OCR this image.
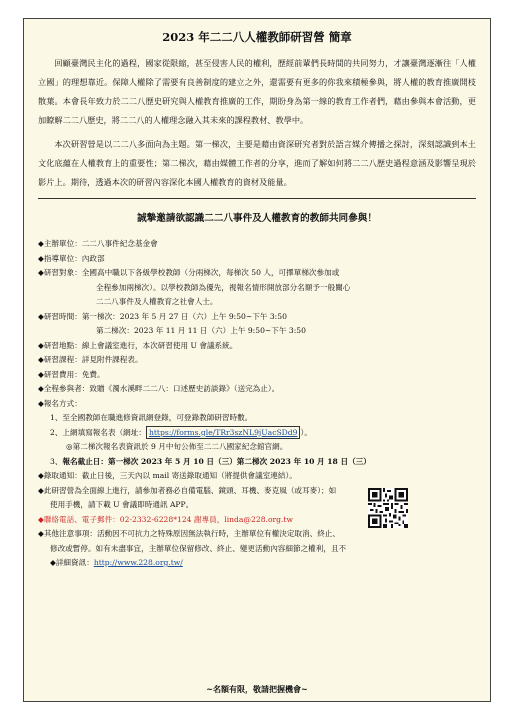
2023 年二二八人權教師研習營 簡章

回顧臺灣民主化的過程，國家從限縮，甚至侵害人民的權利，歷經前輩們長時間的共同努力，才讓臺灣逐漸往「人權立國」的理想靠近。保障人權除了需要有良善制度的建立之外，還需要有更多的你我來積極參與，將人權的教育推廣開枝散葉。本會長年致力於二二八歷史研究與人權教育推廣的工作，期盼身為第一線的教育工作者們，藉由參與本會活動，更加瞭解二二八歷史，將二二八的人權理念融入其未來的課程教材、教學中。

本次研習營是以二二八多面向為主題。第一梯次，主要是藉由資深研究者對於語言媒介傳播之探討，深刻認識到本土文化底蘊在人權教育上的重要性；第二梯次，藉由媒體工作者的分享，進而了解如何將二二八歷史過程意涵及影響呈現於影片上。期待，透過本次的研習內容深化本國人權教育的資材及能量。

誠摯邀請欲認識二二八事件及人權教育的教師共同參與！
◆主辦單位： 二二八事件紀念基金會
◆指導單位： 內政部
◆研習對象： 全國高中職以下各級學校教師（分兩梯次，每梯次 50 人，可擇單梯次參加或
全程參加兩梯次）。以學校教師為優先，視報名情形開放部分名額予一般關心
二二八事件及人權教育之社會人士。
◆研習時間： 第一梯次：2023 年 5 月 27 日（六）上午 9:50~下午 3:50
第二梯次：2023 年 11 月 11 日（六）上午 9:50~下午 3:50
◆研習地點： 線上會議室進行，本次研習使用 U 會議系統。
◆研習課程： 詳見附件課程表。
◆研習費用： 免費。
◆全程參與者： 致贈《濁水溪畔二二八：口述歷史訪談錄》（送完為止）。
◆報名方式：
1、至全國教師在職進修資訊網登錄，可登錄教師研習時數。
2、上網填寫報名表（網址： https://forms.gle/TRr3szNL9jUacSDd9 ）。
◎第二梯次報名表資訊於 9 月中旬公佈至二二八國家紀念館官網。
3、報名截止日：第一梯次 2023 年 5 月 10 日（三）第二梯次 2023 年 10 月 18 日（三）
◆錄取通知： 截止日後，三天內以 mail 寄送錄取通知（將提供會議室連結）。
◆此研習營為全面線上進行，請參加者務必自備電腦、鏡頭、耳機、麥克風（或耳麥）；如
使用手機，請下載 U 會議即時通訊 APP。
◆聯絡電話、電子郵件：02-2332-6228*124 謝專員，linda@228.org.tw
◆其他注意事項： 活動因不可抗力之特殊原因無法執行時，主辦單位有權決定取消、終止、
修改或暫停。如有未盡事宜，主辦單位保留修改、終止、變更活動內容細節之權利，且不
◆詳細資訊：http://www.228.org.tw/
~名額有限，敬請把握機會~
